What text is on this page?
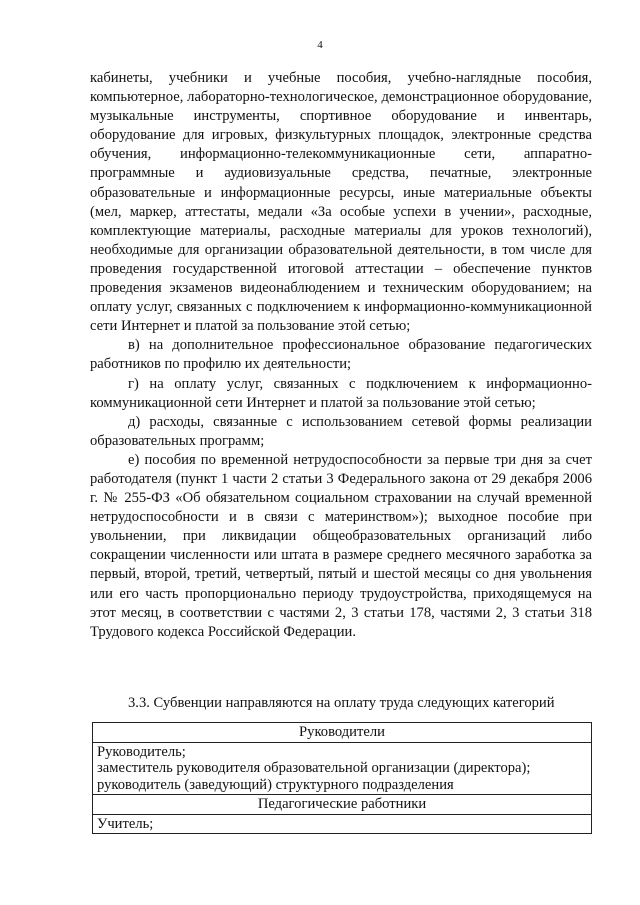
4

кабинеты, учебники и учебные пособия, учебно-наглядные пособия, компьютерное, лабораторно-технологическое, демонстрационное оборудование, музыкальные инструменты, спортивное оборудование и инвентарь, оборудование для игровых, физкультурных площадок, электронные средства обучения, информационно-телекоммуникационные сети, аппаратно-программные и аудиовизуальные средства, печатные, электронные образовательные и информационные ресурсы, иные материальные объекты (мел, маркер, аттестаты, медали «За особые успехи в учении», расходные, комплектующие материалы, расходные материалы для уроков технологий), необходимые для организации образовательной деятельности, в том числе для проведения государственной итоговой аттестации – обеспечение пунктов проведения экзаменов видеонаблюдением и техническим оборудованием; на оплату услуг, связанных с подключением к информационно-коммуникационной сети Интернет и платой за пользование этой сетью;

в) на дополнительное профессиональное образование педагогических работников по профилю их деятельности;

г) на оплату услуг, связанных с подключением к информационно-коммуникационной сети Интернет и платой за пользование этой сетью;

д) расходы, связанные с использованием сетевой формы реализации образовательных программ;

е) пособия по временной нетрудоспособности за первые три дня за счет работодателя (пункт 1 части 2 статьи 3 Федерального закона от 29 декабря 2006 г. № 255-ФЗ «Об обязательном социальном страховании на случай временной нетрудоспособности и в связи с материнством»); выходное пособие при увольнении, при ликвидации общеобразовательных организаций либо сокращении численности или штата в размере среднего месячного заработка за первый, второй, третий, четвертый, пятый и шестой месяцы со дня увольнения или его часть пропорционально периоду трудоустройства, приходящемуся на этот месяц, в соответствии с частями 2, 3 статьи 178, частями 2, 3 статьи 318 Трудового кодекса Российской Федерации.

3.3. Субвенции направляются на оплату труда следующих категорий

Руководители

Руководитель;
заместитель руководителя образовательной организации (директора);
руководитель (заведующий) структурного подразделения

Педагогические работники

Учитель;
